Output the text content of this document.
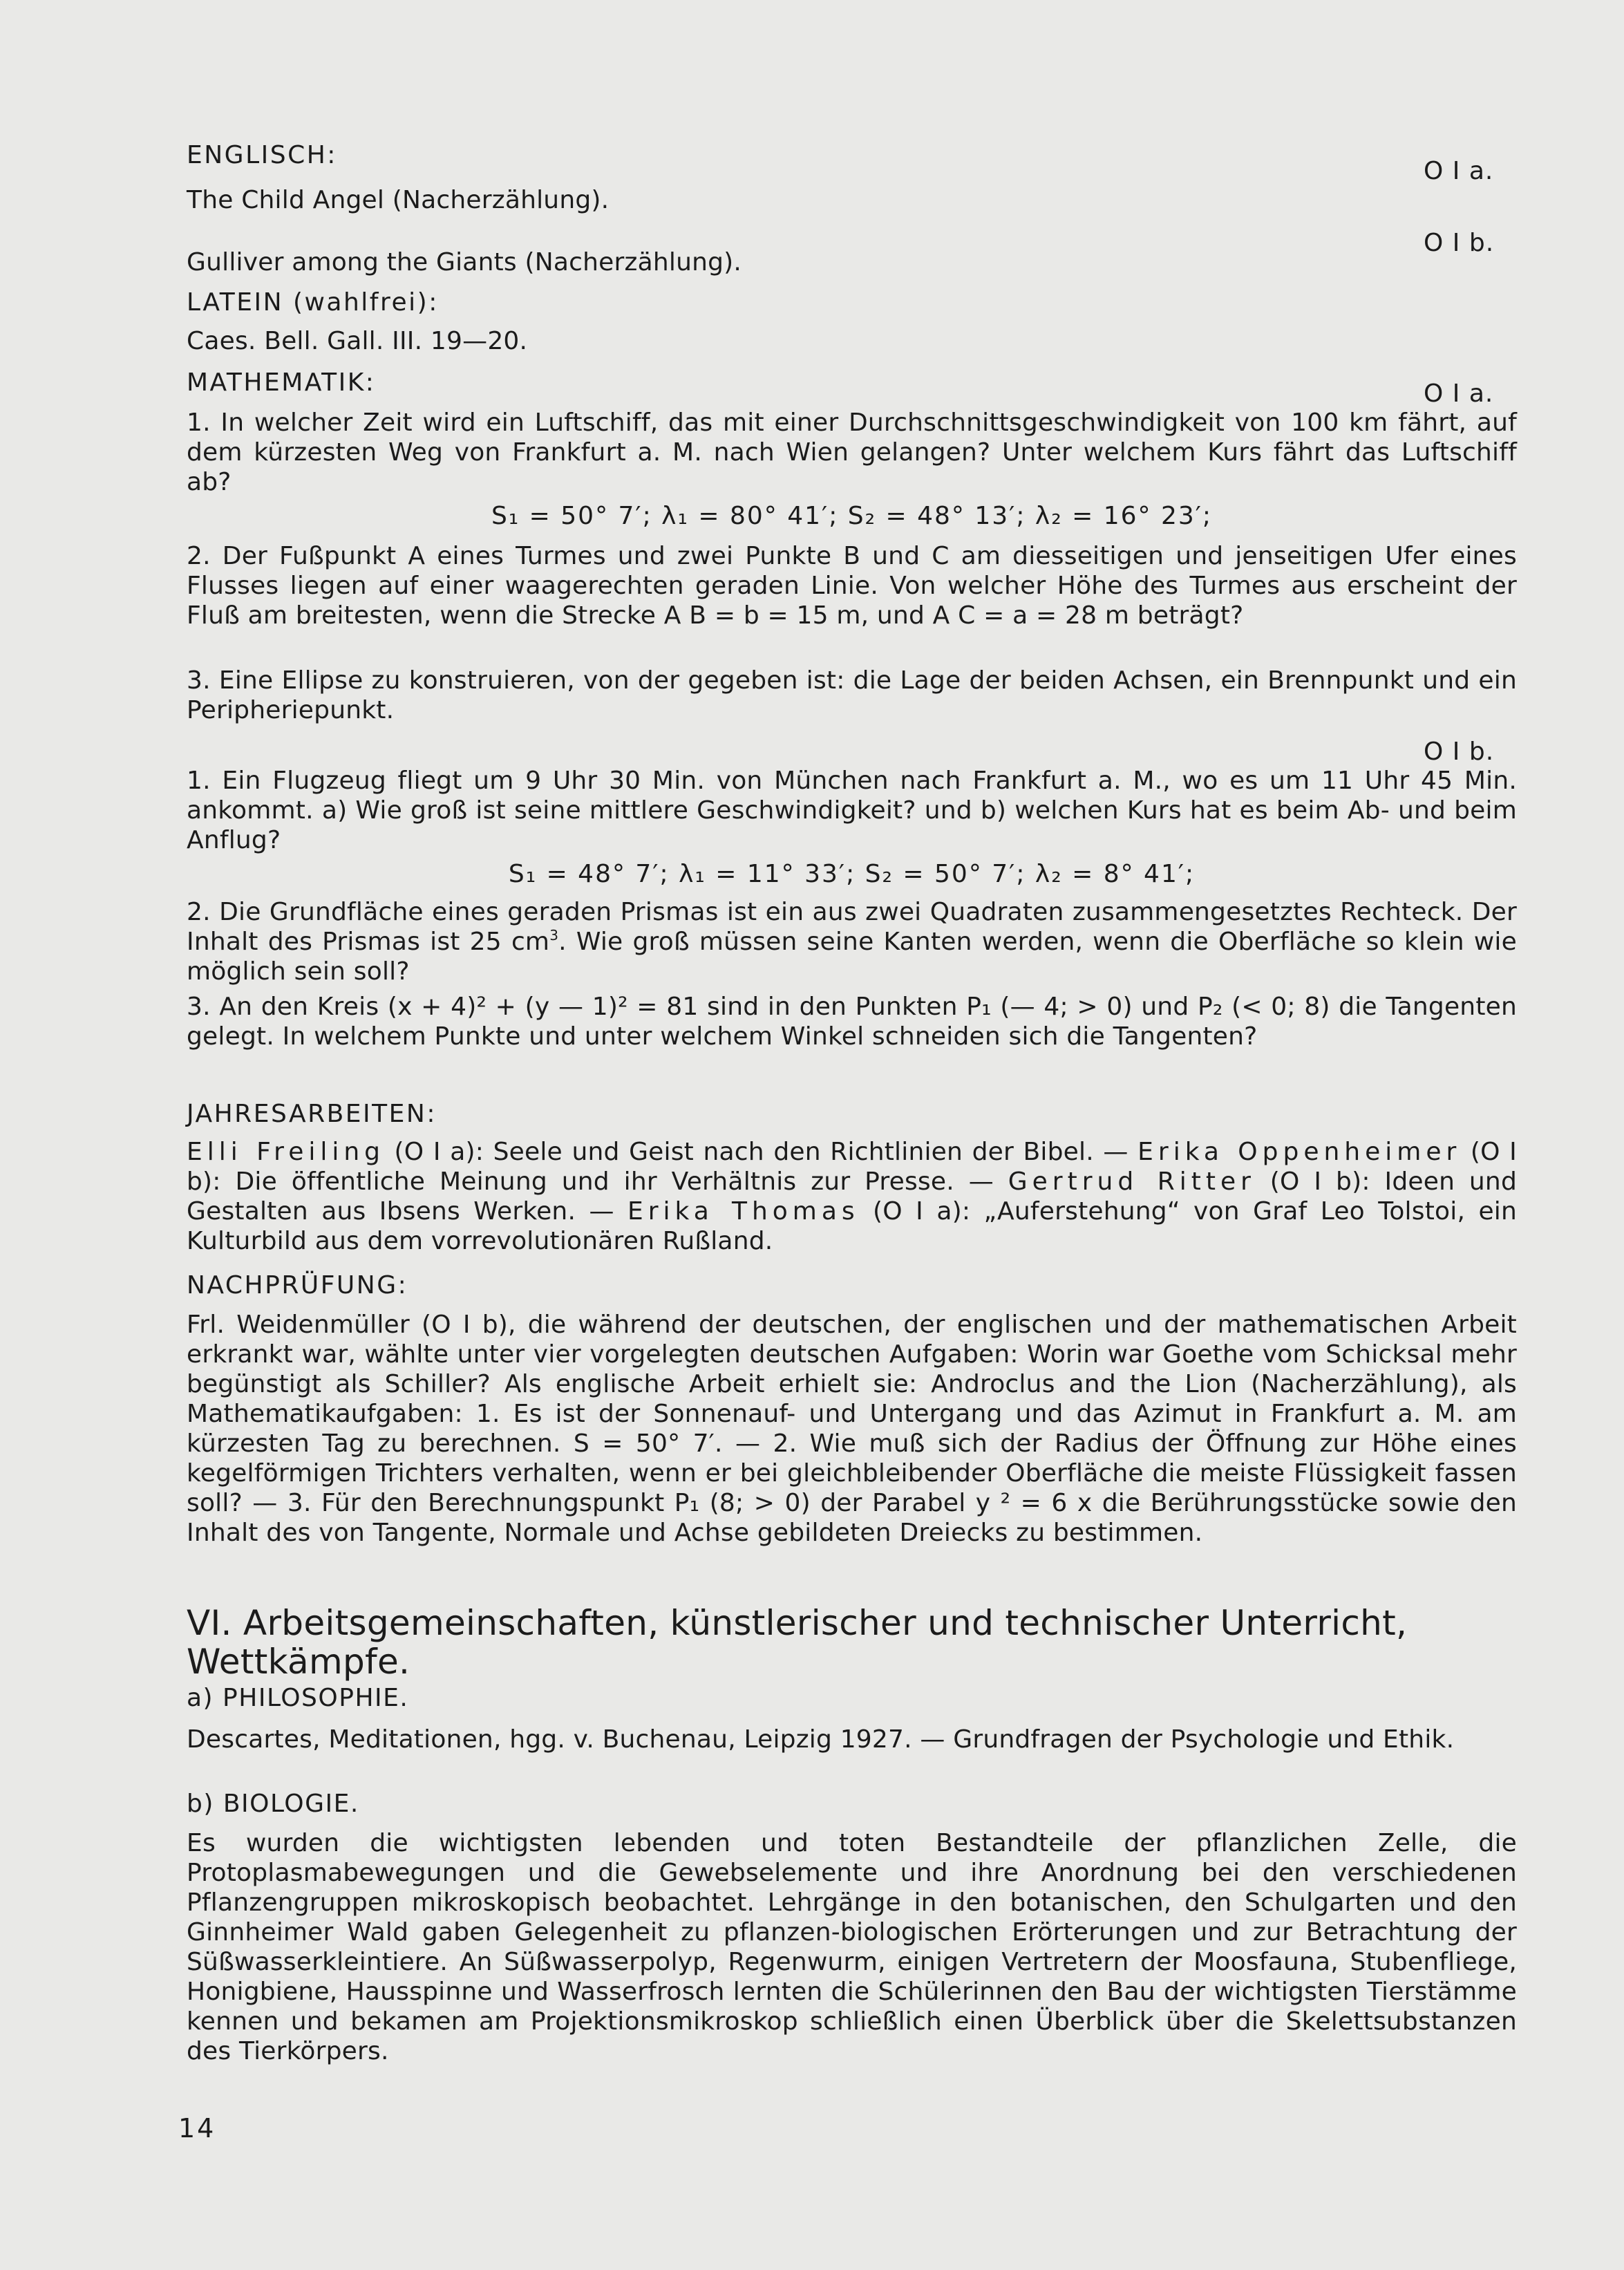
ENGLISCH:
O I a.
The Child Angel (Nacherzählung).
O I b.
Gulliver among the Giants (Nacherzählung).
LATEIN (wahlfrei):
Caes. Bell. Gall. III. 19—20.
MATHEMATIK:	O I a.

1. In welcher Zeit wird ein Luftschiff, das mit einer Durchschnittsgeschwindigkeit von 100 km fährt, auf dem kürzesten Weg von Frankfurt a. M. nach Wien gelangen? Unter welchem Kurs fährt das Luftschiff ab?

S₁ = 50° 7′; λ₁ = 80° 41′; S₂ = 48° 13′; λ₂ = 16° 23′;

2. Der Fußpunkt A eines Turmes und zwei Punkte B und C am diesseitigen und jenseitigen Ufer eines Flusses liegen auf einer waagerechten geraden Linie. Von welcher Höhe des Turmes aus erscheint der Fluß am breitesten, wenn die Strecke A B = b = 15 m, und A C = a = 28 m beträgt?

3. Eine Ellipse zu konstruieren, von der gegeben ist: die Lage der beiden Achsen, ein Brennpunkt und ein Peripheriepunkt.

O I b.

1. Ein Flugzeug fliegt um 9 Uhr 30 Min. von München nach Frankfurt a. M., wo es um 11 Uhr 45 Min. ankommt. a) Wie groß ist seine mittlere Geschwindigkeit? und b) welchen Kurs hat es beim Ab- und beim Anflug?

S₁ = 48° 7′; λ₁ = 11° 33′; S₂ = 50° 7′; λ₂ = 8° 41′;

2. Die Grundfläche eines geraden Prismas ist ein aus zwei Quadraten zusammengesetztes Rechteck. Der Inhalt des Prismas ist 25 $cm^3$. Wie groß müssen seine Kanten werden, wenn die Oberfläche so klein wie möglich sein soll?

3. An den Kreis (x + 4)² + (y — 1)² = 81 sind in den Punkten P₁ (— 4; > 0) und P₂ (< 0; 8) die Tangenten gelegt. In welchem Punkte und unter welchem Winkel schneiden sich die Tangenten?

JAHRESARBEITEN:

Elli Freiling (O I a): Seele und Geist nach den Richtlinien der Bibel. — Erika Oppenheimer (O I b): Die öffentliche Meinung und ihr Verhältnis zur Presse. — Gertrud Ritter (O I b): Ideen und Gestalten aus Ibsens Werken. — Erika Thomas (O I a): „Auferstehung“ von Graf Leo Tolstoi, ein Kulturbild aus dem vorrevolutionären Rußland.

NACHPRÜFUNG:

Frl. Weidenmüller (O I b), die während der deutschen, der englischen und der mathematischen Arbeit erkrankt war, wählte unter vier vorgelegten deutschen Aufgaben: Worin war Goethe vom Schicksal mehr begünstigt als Schiller? Als englische Arbeit erhielt sie: Androclus and the Lion (Nacherzählung), als Mathematikaufgaben: 1. Es ist der Sonnenauf- und Untergang und das Azimut in Frankfurt a. M. am kürzesten Tag zu berechnen. S = 50° 7′. — 2. Wie muß sich der Radius der Öffnung zur Höhe eines kegelförmigen Trichters verhalten, wenn er bei gleichbleibender Oberfläche die meiste Flüssigkeit fassen soll? — 3. Für den Berechnungspunkt P₁ (8; > 0) der Parabel y ² = 6 x die Berührungsstücke sowie den Inhalt des von Tangente, Normale und Achse gebildeten Dreiecks zu bestimmen.

VI. Arbeitsgemeinschaften, künstlerischer und technischer Unterricht, Wettkämpfe.
a) PHILOSOPHIE.

Descartes, Meditationen, hgg. v. Buchenau, Leipzig 1927. — Grundfragen der Psychologie und Ethik.

b) BIOLOGIE.

Es wurden die wichtigsten lebenden und toten Bestandteile der pflanzlichen Zelle, die Protoplasmabewegungen und die Gewebselemente und ihre Anordnung bei den verschiedenen Pflanzengruppen mikroskopisch beobachtet. Lehrgänge in den botanischen, den Schulgarten und den Ginnheimer Wald gaben Gelegenheit zu pflanzen-biologischen Erörterungen und zur Betrachtung der Süßwasserkleintiere. An Süßwasserpolyp, Regenwurm, einigen Vertretern der Moosfauna, Stubenfliege, Honigbiene, Hausspinne und Wasserfrosch lernten die Schülerinnen den Bau der wichtigsten Tierstämme kennen und bekamen am Projektionsmikroskop schließlich einen Überblick über die Skelettsubstanzen des Tierkörpers.

14
